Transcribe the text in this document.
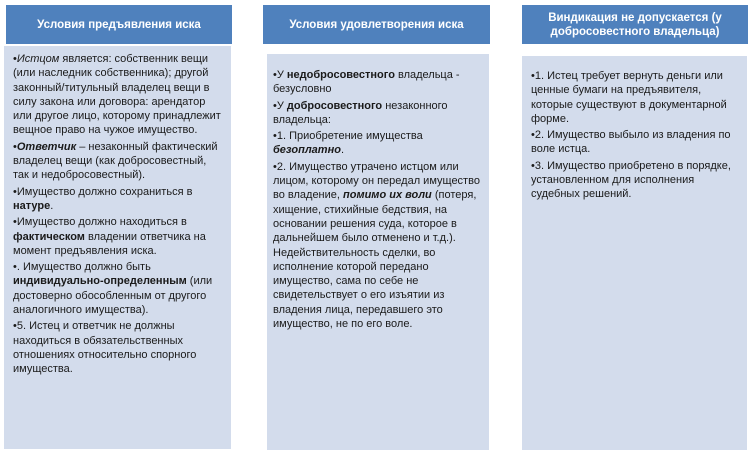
Условия предъявления иска
•Истцом является: собственник вещи (или наследник собственника); другой законный/титульный владелец вещи в силу закона или договора: арендатор или другое лицо, которому принадлежит вещное право на чужое имущество.
•Ответчик – незаконный фактический владелец вещи (как добросовестный, так и недобросовестный).
•Имущество должно сохраниться в натуре.
•Имущество должно находиться в фактическом владении ответчика на момент предъявления иска.
•. Имущество должно быть индивидуально-определенным (или достоверно обособленным от другого аналогичного имущества).
•5. Истец и ответчик не должны находиться в обязательственных отношениях относительно спорного имущества.
Условия удовлетворения иска
•У недобросовестного владельца - безусловно
•У добросовестного незаконного владельца:
•1. Приобретение имущества безоплатно.
•2. Имущество утрачено истцом или лицом, которому он передал имущество во владение, помимо их воли (потеря, хищение, стихийные бедствия, на основании решения суда, которое в дальнейшем было отменено и т.д.). Недействительность сделки, во исполнение которой передано имущество, сама по себе не свидетельствует о его изъятии из владения лица, передавшего это имущество, не по его воле.
Виндикация не допускается (у добросовестного владельца)
•1. Истец требует вернуть деньги или ценные бумаги на предъявителя, которые существуют в документарной форме.
•2. Имущество выбыло из владения по воле истца.
•3. Имущество приобретено в порядке, установленном для исполнения судебных решений.
